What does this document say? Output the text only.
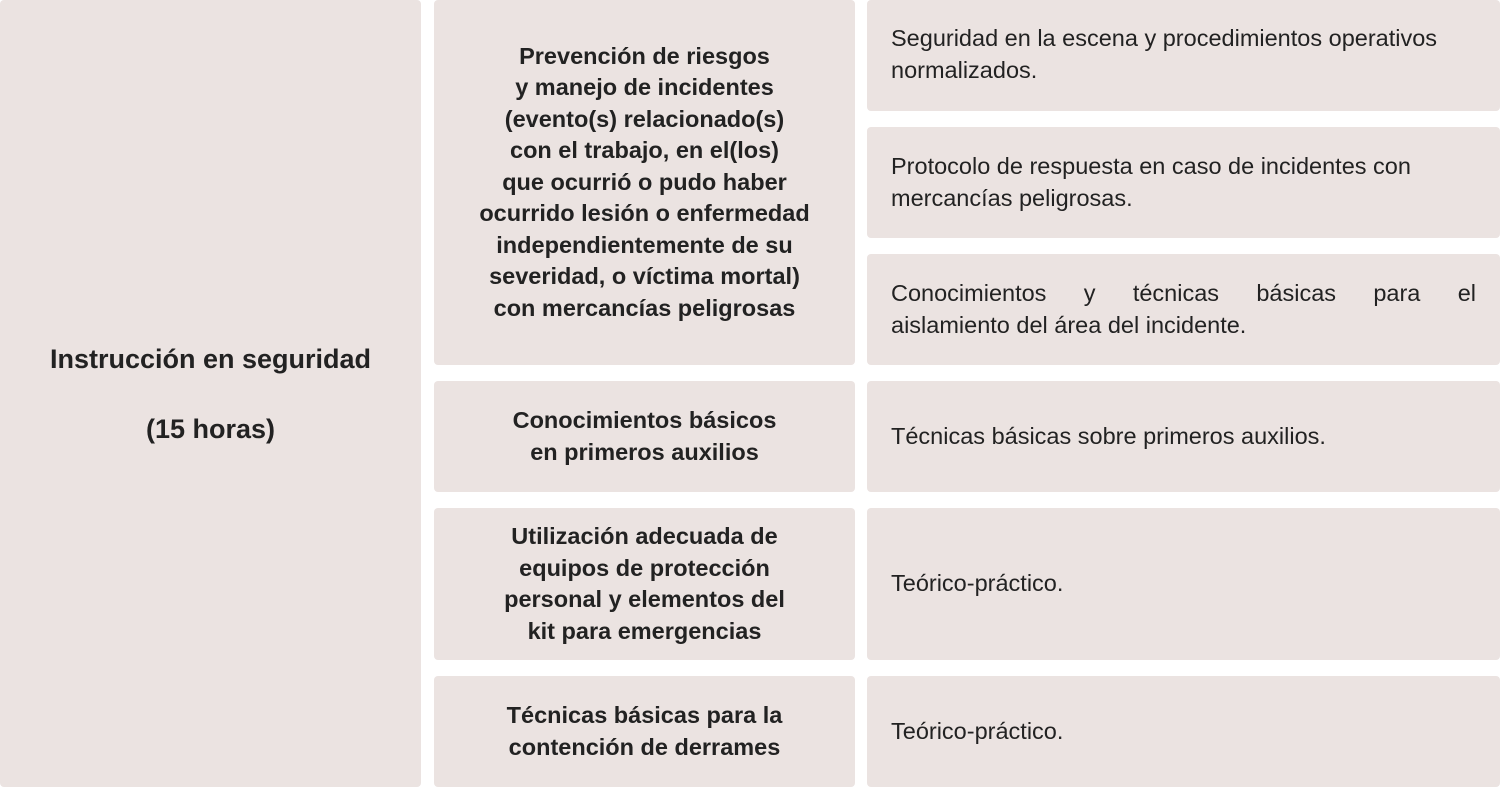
Instrucción en seguridad
(15 horas)
Prevención de riesgos
y manejo de incidentes
(evento(s) relacionado(s)
con el trabajo, en el(los)
que ocurrió o pudo haber
ocurrido lesión o enfermedad
independientemente de su
severidad, o víctima mortal)
con mercancías peligrosas
Conocimientos básicos
en primeros auxilios
Utilización adecuada de
equipos de protección
personal y elementos del
kit para emergencias
Técnicas básicas para la
contención de derrames
Seguridad en la escena y procedimientos operativos
normalizados.
Protocolo de respuesta en caso de incidentes con
mercancías peligrosas.
Conocimientos y técnicas básicas para el
aislamiento del área del incidente.
Técnicas básicas sobre primeros auxilios.
Teórico-práctico.
Teórico-práctico.
